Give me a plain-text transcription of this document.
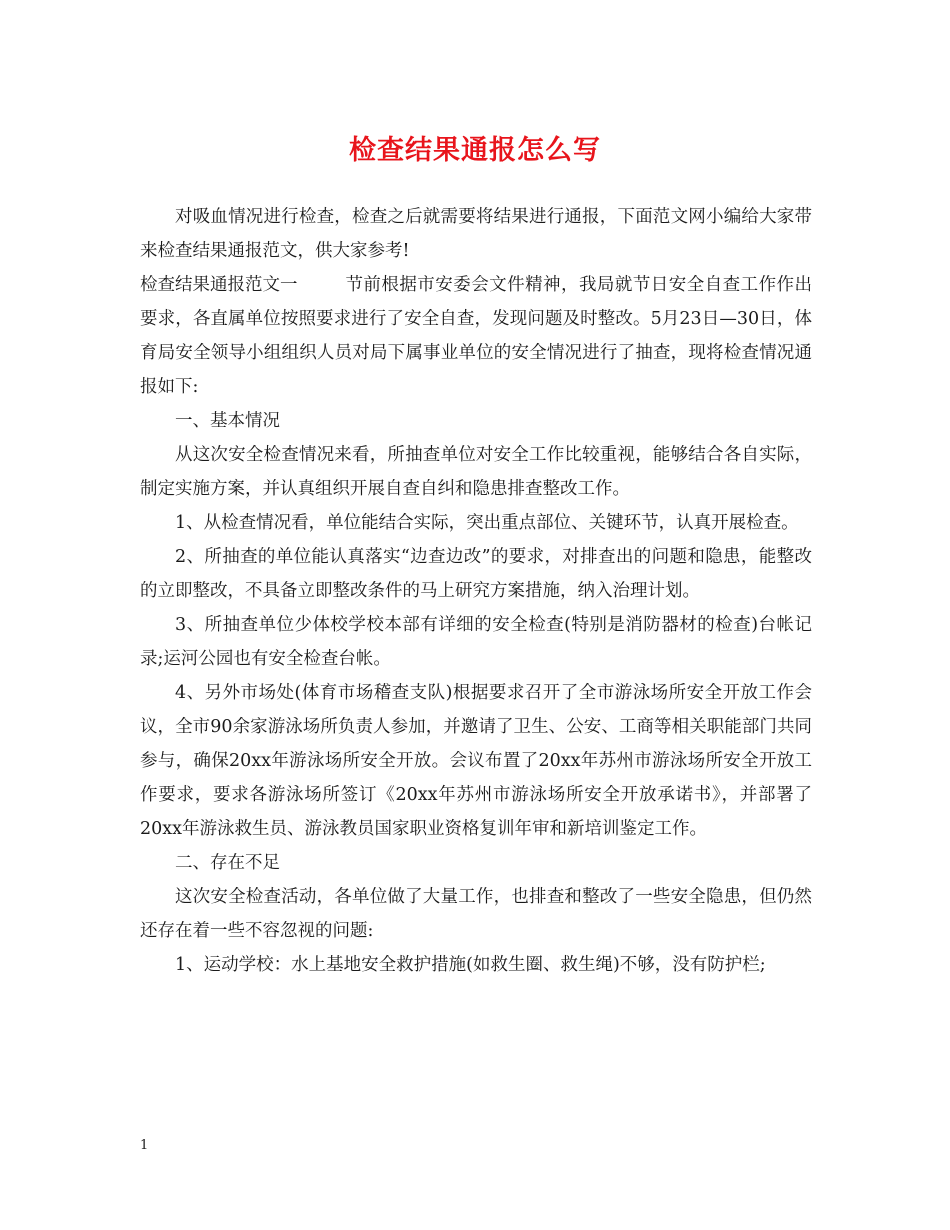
检查结果通报怎么写

对吸血情况进行检查，检查之后就需要将结果进行通报，下面范文网小编给大家带来检查结果通报范文，供大家参考!

检查结果通报范文一	节前根据市安委会文件精神，我局就节日安全自查工作作出要求，各直属单位按照要求进行了安全自查，发现问题及时整改。5月23日—30日，体育局安全领导小组组织人员对局下属事业单位的安全情况进行了抽查，现将检查情况通报如下:

一、基本情况

从这次安全检查情况来看，所抽查单位对安全工作比较重视，能够结合各自实际，制定实施方案，并认真组织开展自查自纠和隐患排查整改工作。

1、从检查情况看，单位能结合实际，突出重点部位、关键环节，认真开展检查。

2、所抽查的单位能认真落实“边查边改”的要求，对排查出的问题和隐患，能整改的立即整改，不具备立即整改条件的马上研究方案措施，纳入治理计划。

3、所抽查单位少体校学校本部有详细的安全检查(特别是消防器材的检查)台帐记录;运河公园也有安全检查台帐。

4、另外市场处(体育市场稽查支队)根据要求召开了全市游泳场所安全开放工作会议，全市90余家游泳场所负责人参加，并邀请了卫生、公安、工商等相关职能部门共同参与，确保20xx年游泳场所安全开放。会议布置了20xx年苏州市游泳场所安全开放工作要求，要求各游泳场所签订《20xx年苏州市游泳场所安全开放承诺书》，并部署了20xx年游泳救生员、游泳教员国家职业资格复训年审和新培训鉴定工作。

二、存在不足

这次安全检查活动，各单位做了大量工作，也排查和整改了一些安全隐患，但仍然还存在着一些不容忽视的问题:

1、运动学校：水上基地安全救护措施(如救生圈、救生绳)不够，没有防护栏;

1
